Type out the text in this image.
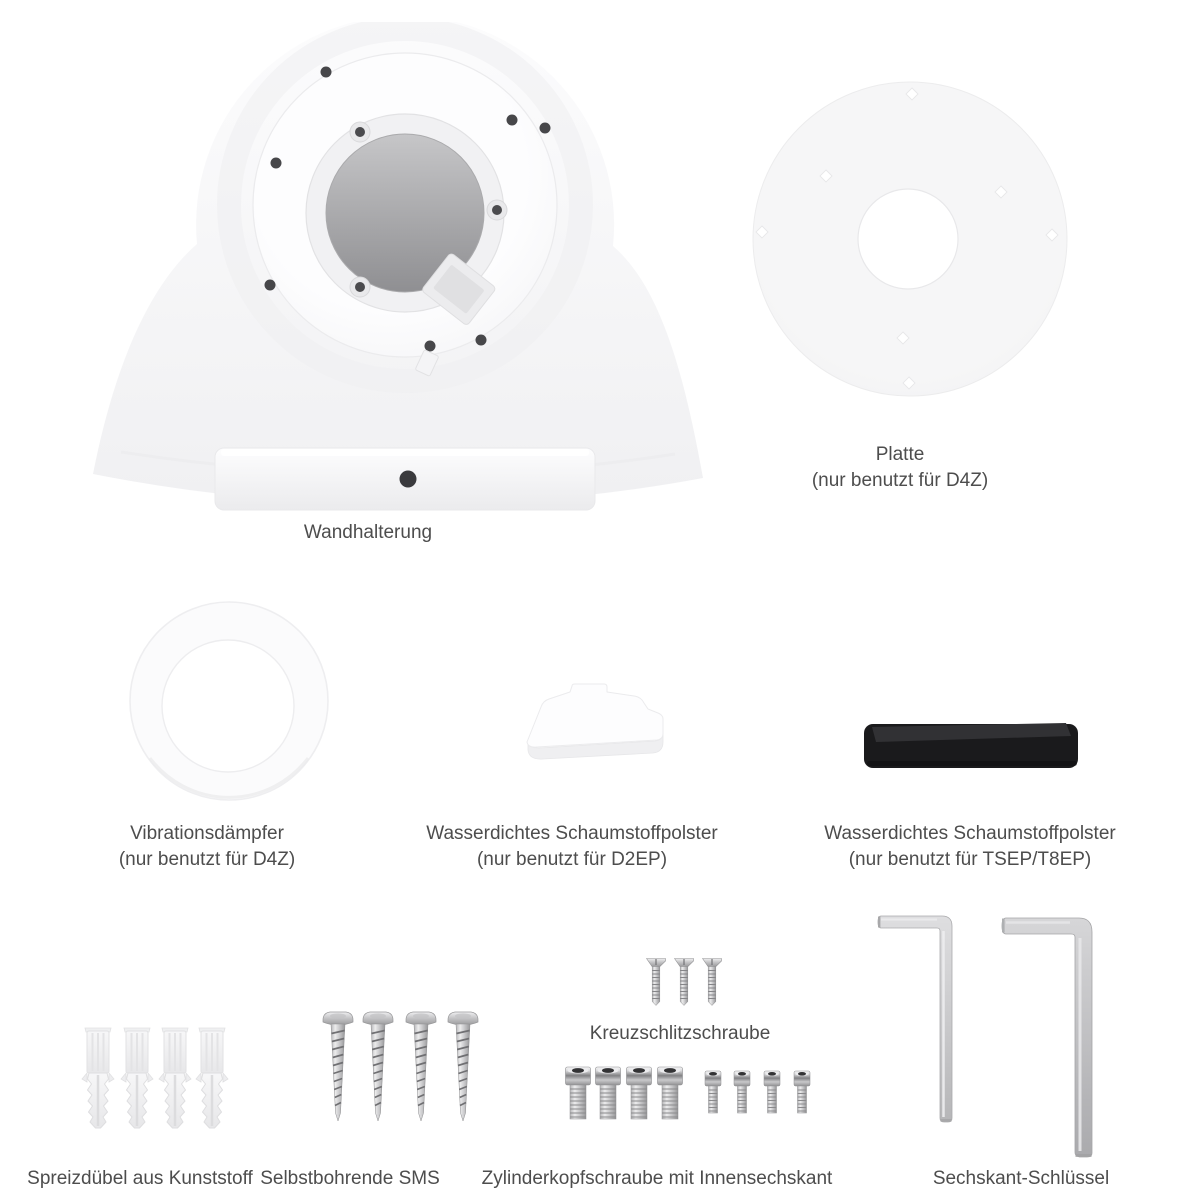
Wandhalterung
Platte
(nur benutzt für D4Z)
Vibrationsdämpfer
(nur benutzt für D4Z)
Wasserdichtes Schaumstoffpolster
(nur benutzt für D2EP)
Wasserdichtes Schaumstoffpolster
(nur benutzt für TSEP/T8EP)
Spreizdübel aus Kunststoff Selbstbohrende SMS
Kreuzschlitzschraube
Zylinderkopfschraube mit Innensechskant	Sechskant-Schlüssel
